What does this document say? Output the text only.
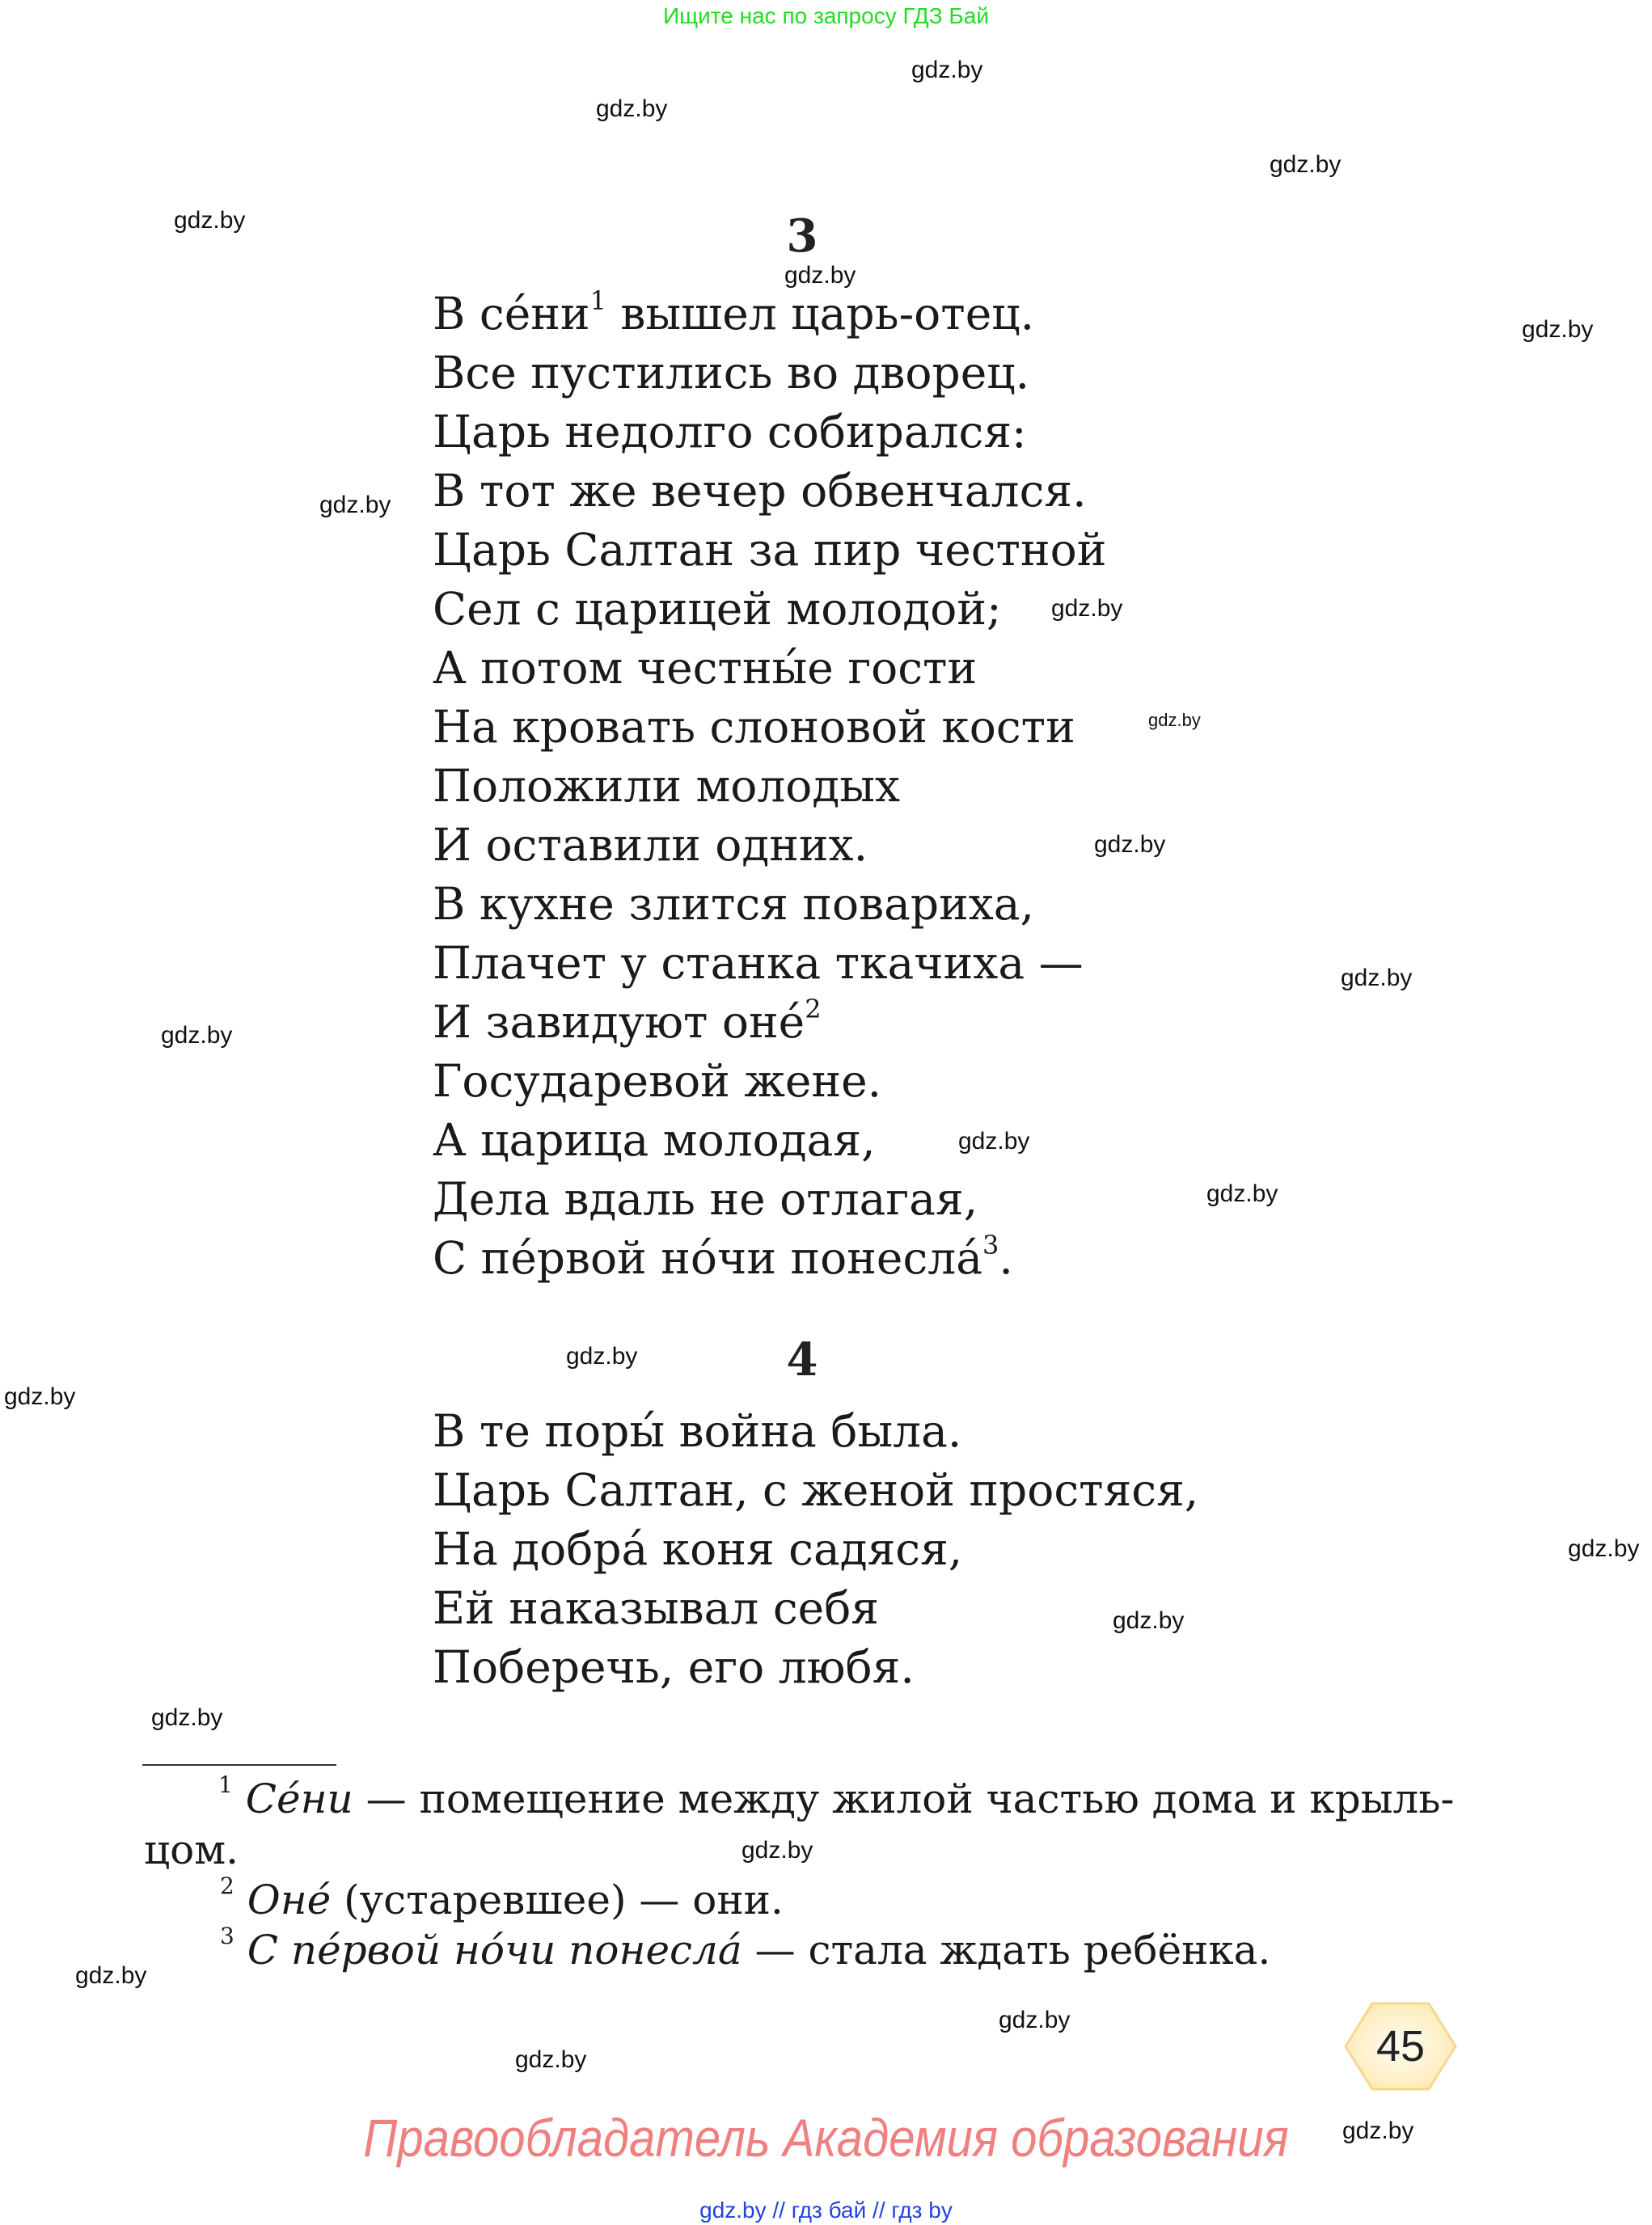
Ищите нас по запросу ГДЗ Бай
gdz.by
gdz.by
gdz.by
gdz.by
gdz.by
gdz.by
gdz.by
gdz.by
gdz.by
gdz.by
gdz.by
gdz.by
gdz.by
gdz.by
gdz.by
gdz.by
gdz.by
gdz.by
gdz.by
gdz.by
gdz.by
gdz.by
gdz.by
gdz.by
3
В $се́ни^1$ вышел царь-отец.
Все пустились во дворец.
Царь недолго собирался:
В тот же вечер обвенчался.
Царь Салтан за пир честной
Сел с царицей молодой;
А потом честны́е гости
На кровать слоновой кости
Положили молодых
И оставили одних.
В кухне злится повариха,
Плачет у станка ткачиха —
И завидуют оне́$^2$
Государевой жене.
А царица молодая,
Дела вдаль не отлагая,
С пе́рвой но́чи понесла́$^3$.
4
В те поры́ война была.
Царь Салтан, с женой простяся,
На добра́ коня садяся,
Ей наказывал себя
Поберечь, его любя.
$^1$ Се́ни — помещение между жилой частью дома и крыль-
цом.
$^2$ Оне́ (устаревшее) — они.
$^3$ С пе́рвой но́чи понесла́ — стала ждать ребёнка.
45
Правообладатель Академия образования
gdz.by // гдз бай // гдз by
